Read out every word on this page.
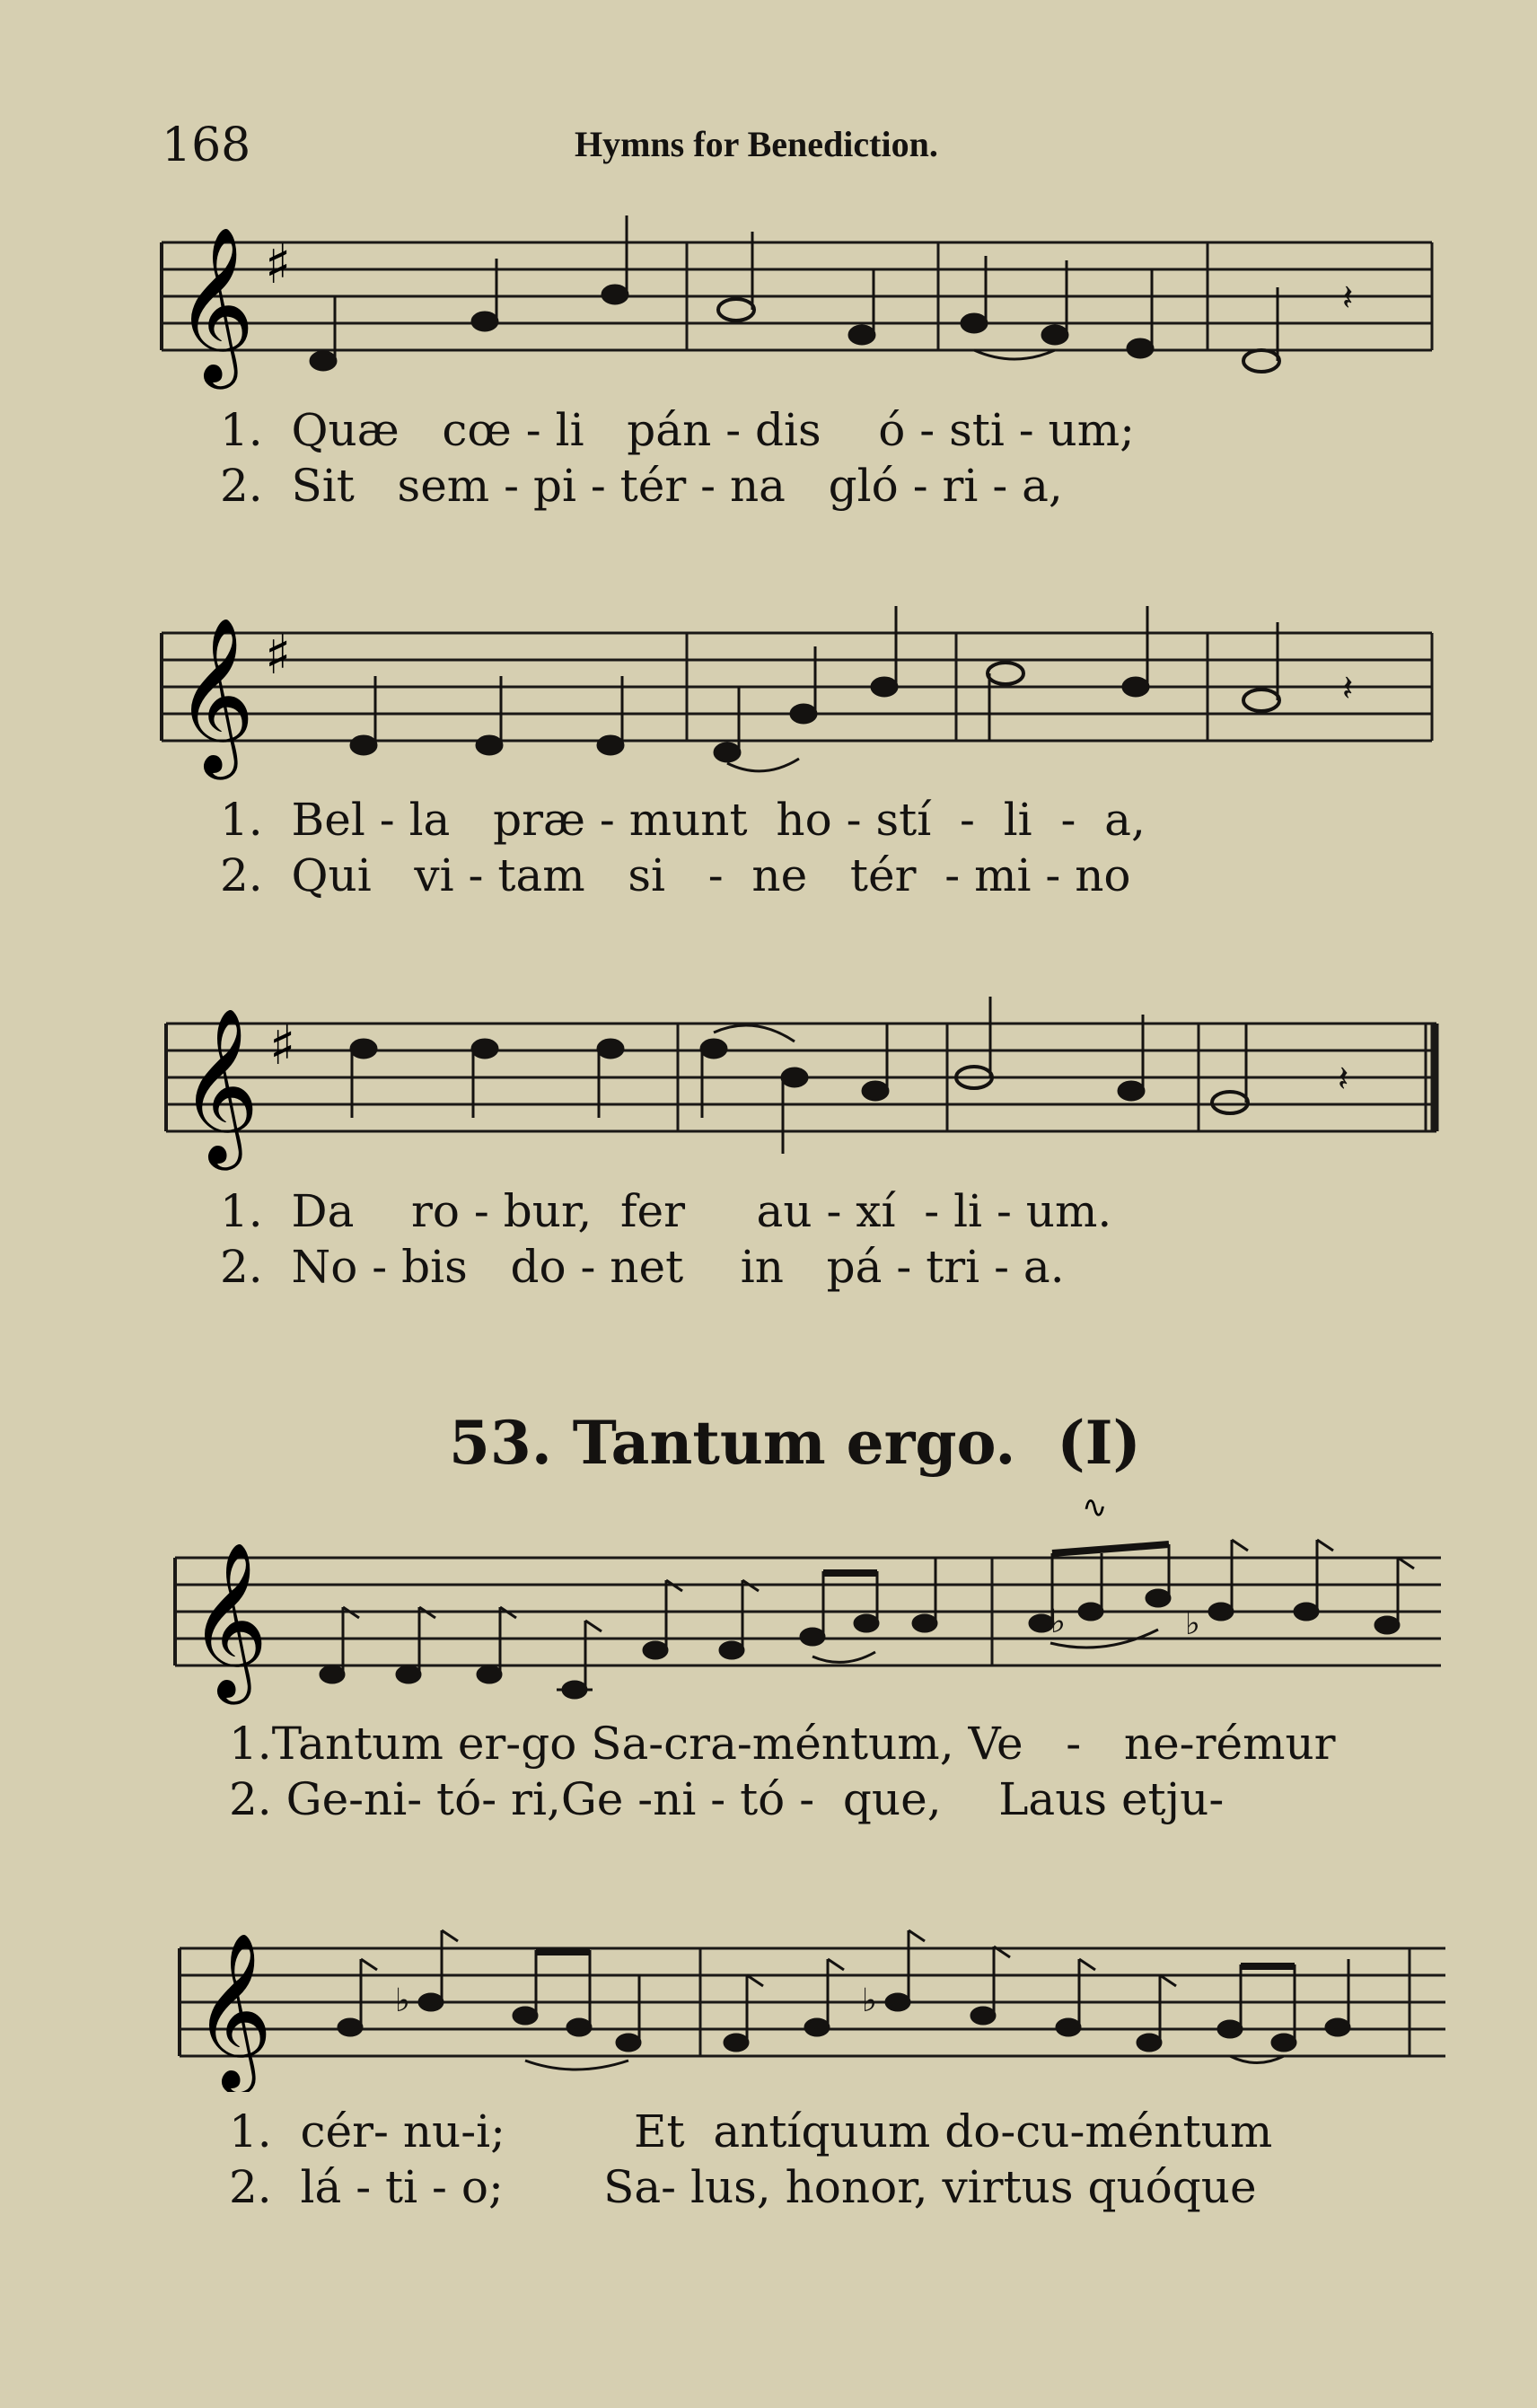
168	Hymns for Benediction.
𝄞 ♯
𝄽
1. Quæ cœ - li pán - dis ó - sti - um;
2. Sit sem - pi - tér - na gló - ri - a,
𝄞 ♯
𝄽
1. Bel - la præ - munt ho - stí - li - a,
2. Qui vi - tam si - ne tér - mi - no
𝄞 ♯
𝄽
1. Da ro - bur, fer au - xí - li - um.
2. No - bis do - net in pá - tri - a.
53. Tantum ergo. (I)
∿
𝄞	♭	♭
1.Tantum er-go Sa-cra-méntum, Ve - ne-rémur
2. Ge-ni- tó- ri,Ge -ni - tó - que, Laus etju-
𝄞	♭	♭
1. cér- nu-i;	Et antíquum do-cu-méntum
2. lá - ti - o; Sa- lus, honor, virtus quóque
